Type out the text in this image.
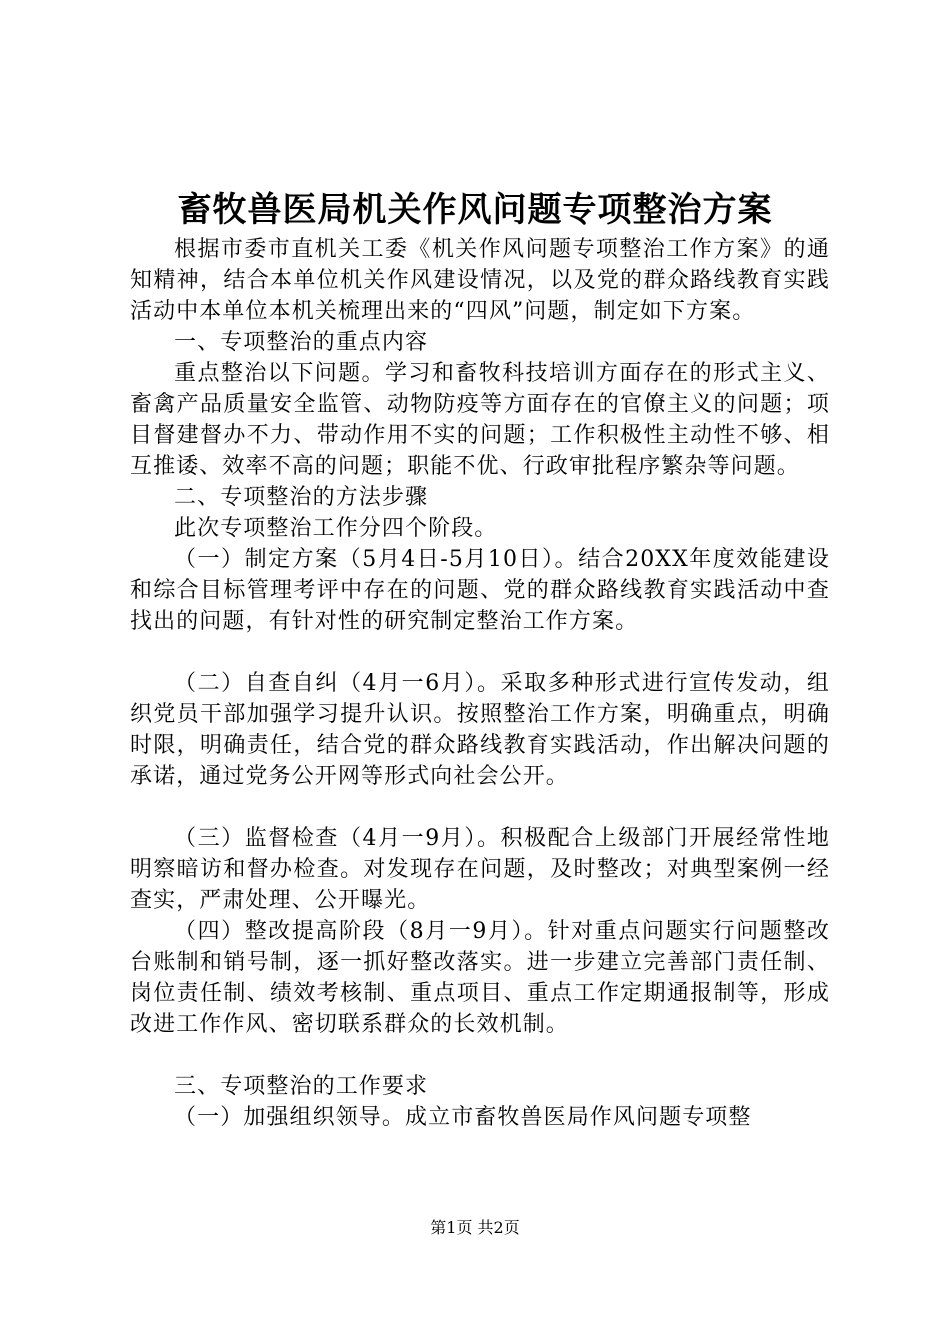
畜牧兽医局机关作风问题专项整治方案

根据市委市直机关工委《机关作风问题专项整治工作方案》的通知精神，结合本单位机关作风建设情况，以及党的群众路线教育实践活动中本单位本机关梳理出来的“四风”问题，制定如下方案。

一、专项整治的重点内容

重点整治以下问题。学习和畜牧科技培训方面存在的形式主义、畜禽产品质量安全监管、动物防疫等方面存在的官僚主义的问题；项目督建督办不力、带动作用不实的问题；工作积极性主动性不够、相互推诿、效率不高的问题；职能不优、行政审批程序繁杂等问题。

二、专项整治的方法步骤

此次专项整治工作分四个阶段。

（一）制定方案（5月4日-5月10日）。结合20XX年度效能建设和综合目标管理考评中存在的问题、党的群众路线教育实践活动中查找出的问题，有针对性的研究制定整治工作方案。

（二）自查自纠（4月一6月）。采取多种形式进行宣传发动，组织党员干部加强学习提升认识。按照整治工作方案，明确重点，明确时限，明确责任，结合党的群众路线教育实践活动，作出解决问题的承诺，通过党务公开网等形式向社会公开。

（三）监督检查（4月一9月）。积极配合上级部门开展经常性地明察暗访和督办检查。对发现存在问题，及时整改；对典型案例一经查实，严肃处理、公开曝光。

（四）整改提高阶段（8月一9月）。针对重点问题实行问题整改台账制和销号制，逐一抓好整改落实。进一步建立完善部门责任制、岗位责任制、绩效考核制、重点项目、重点工作定期通报制等，形成改进工作作风、密切联系群众的长效机制。

三、专项整治的工作要求

（一）加强组织领导。成立市畜牧兽医局作风问题专项整

第1页 共2页
